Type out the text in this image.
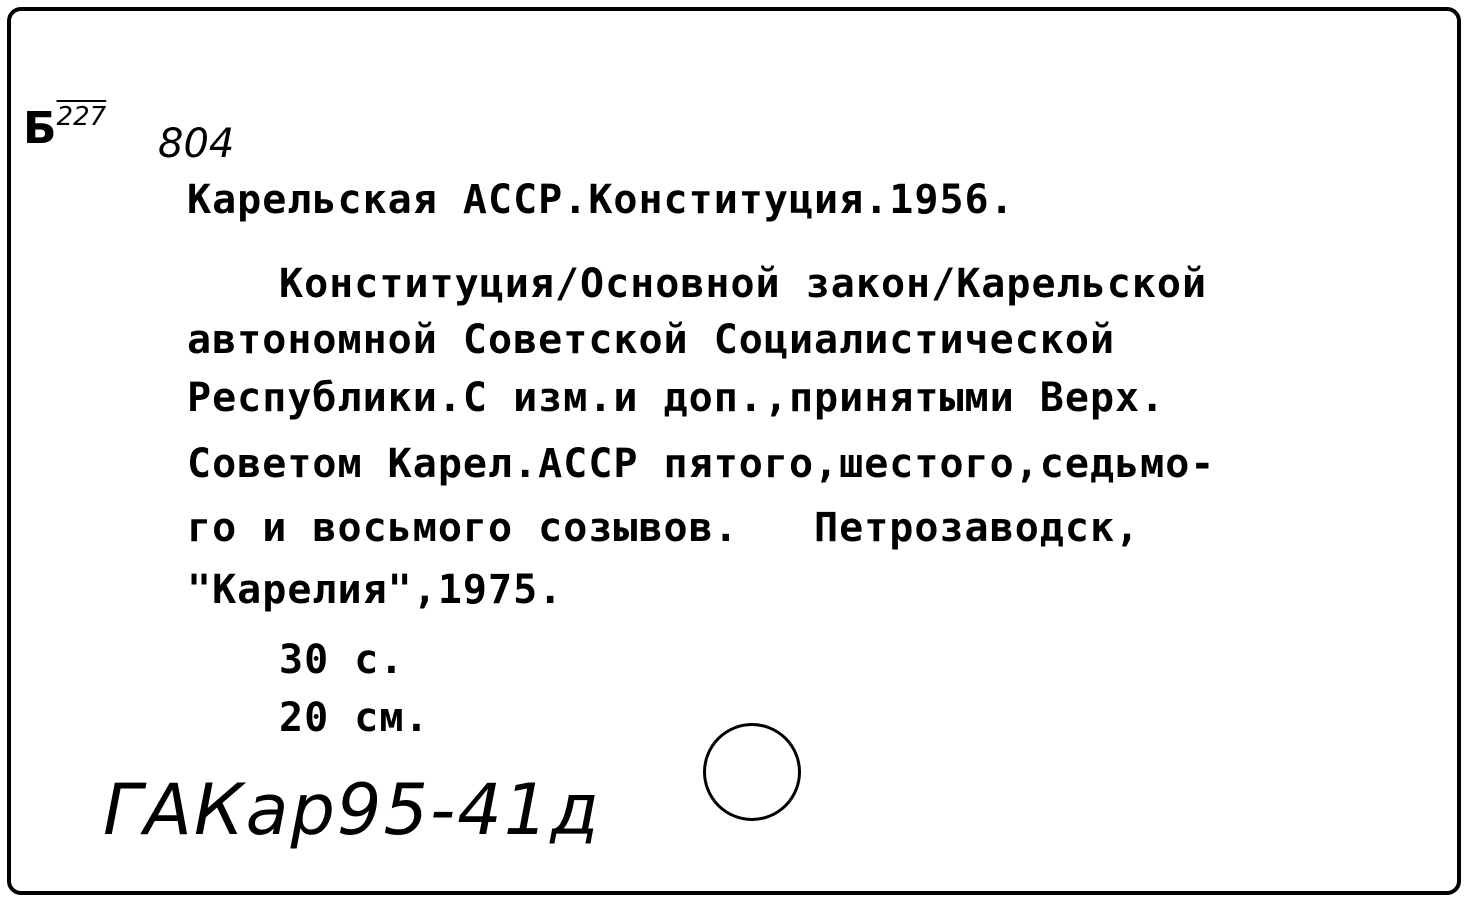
Б227
804
Карельская АССР.Конституция.1956.
Конституция/Основной закон/Карельской
автономной Советской Социалистической
Республики.С изм.и доп.,принятыми Верх.
Советом Карел.АССР пятого,шестого,седьмо-
го и восьмого созывов.   Петрозаводск,
"Карелия",1975.
30 с.
20 см.
ГАКар95-41д
